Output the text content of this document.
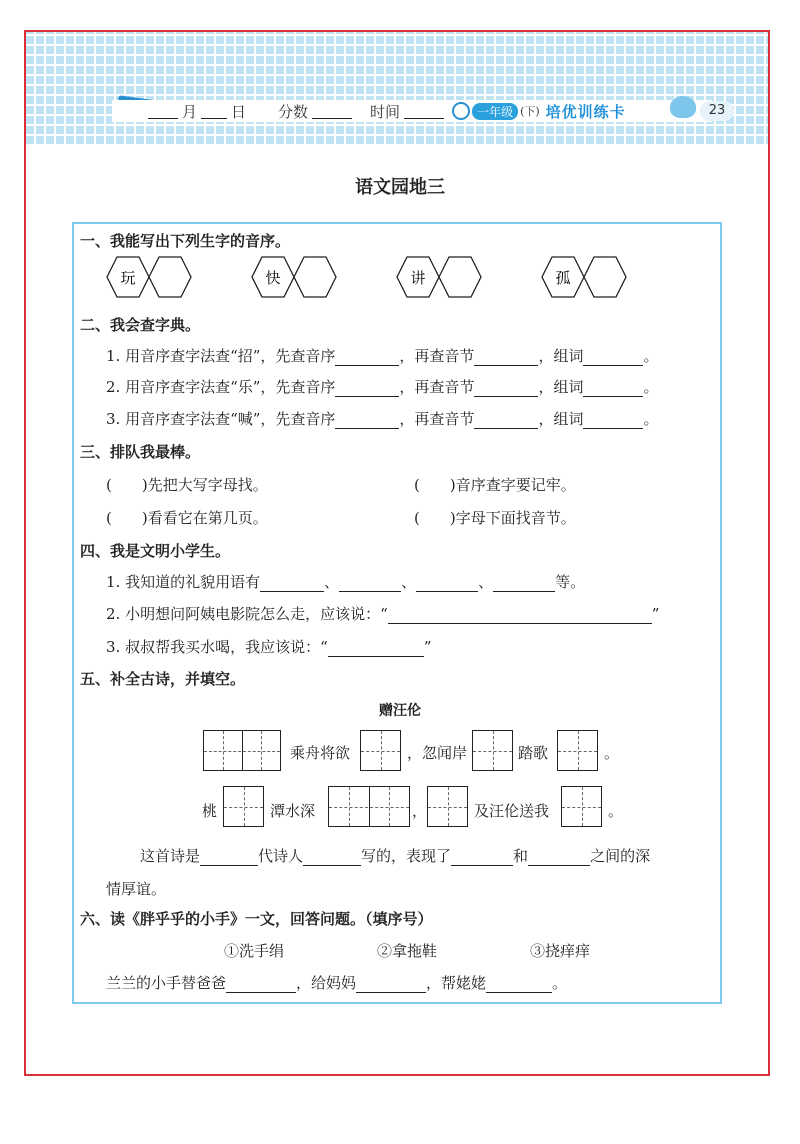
月 日 分数	时间	一年级 (下) 培优训练卡	23
语文园地三
一、我能写出下列生字的音序。
玩	快	讲	孤
二、我会查字典。
1. 用音序查字法查“招”，先查音序	，再查音节	，组词	。
2. 用音序查字法查“乐”，先查音序	，再查音节	，组词	。
3. 用音序查字法查“喊”，先查音序	，再查音节	，组词	。
三、排队我最棒。
( )先把大写字母找。	( )音序查字要记牢。
( )看看它在第几页。	( )字母下面找音节。
四、我是文明小学生。
1. 我知道的礼貌用语有	、	、	、	等。
2. 小明想问阿姨电影院怎么走，应该说：“	”
3. 叔叔帮我买水喝，我应该说：“	”
五、补全古诗，并填空。
赠汪伦
乘舟将欲	，忽闻岸	踏歌	。
桃	潭水深	，	及汪伦送我	。
这首诗是	代诗人	写的，表现了	和	之间的深
情厚谊。
六、读《胖乎乎的小手》一文，回答问题。（填序号）
①洗手绢	②拿拖鞋	③挠痒痒
兰兰的小手替爸爸	，给妈妈	，帮姥姥	。
